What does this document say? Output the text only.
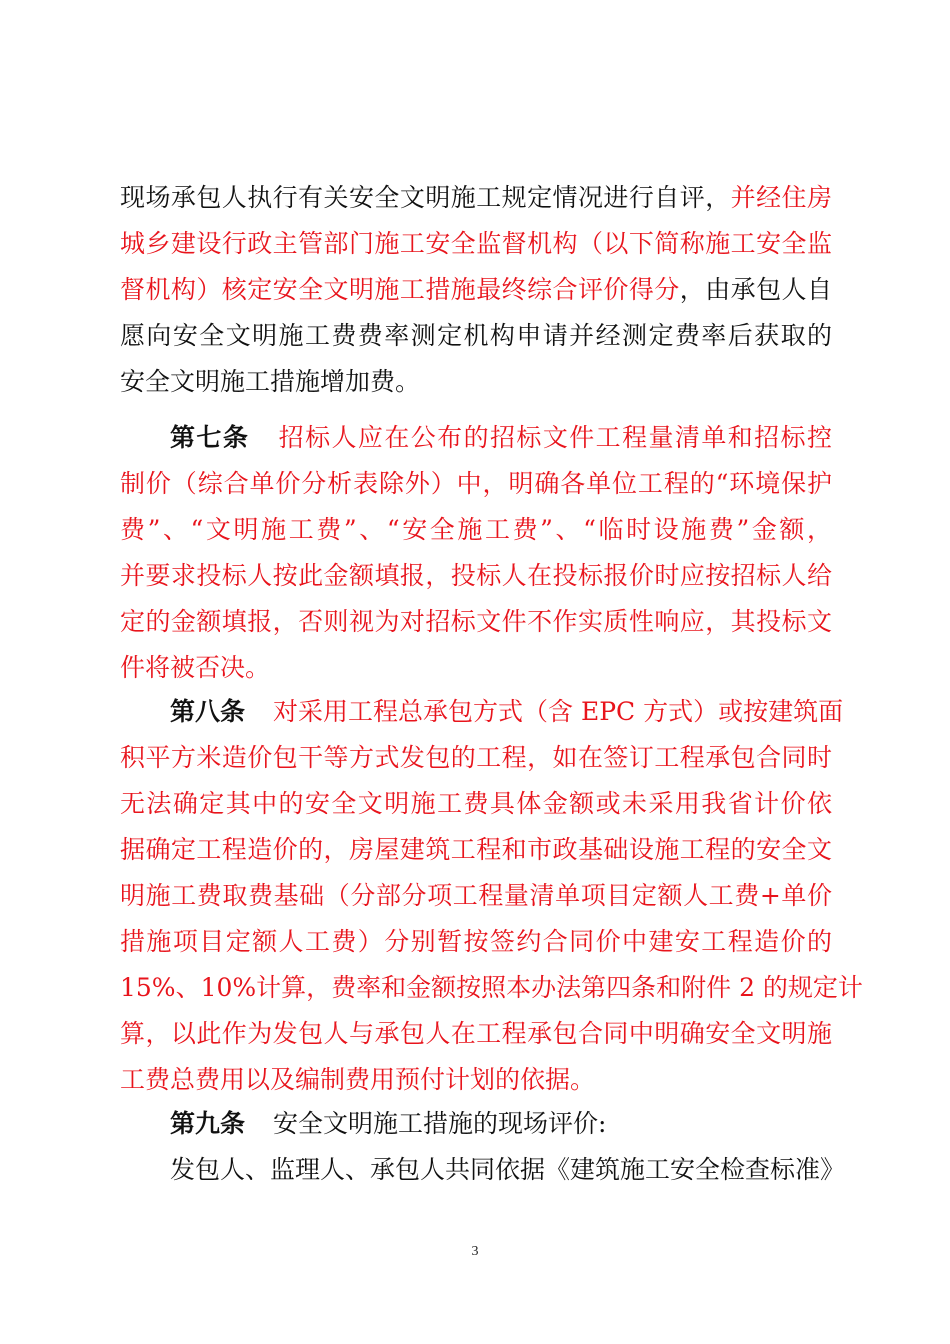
现场承包人执行有关安全文明施工规定情况进行自评，并经住房
城乡建设行政主管部门施工安全监督机构（以下简称施工安全监
督机构）核定安全文明施工措施最终综合评价得分，由承包人自
愿向安全文明施工费费率测定机构申请并经测定费率后获取的
安全文明施工措施增加费。
第七条 招标人应在公布的招标文件工程量清单和招标控
制价（综合单价分析表除外）中，明确各单位工程的“环境保护
费”、“文明施工费”、“安全施工费”、“临时设施费”金额，
并要求投标人按此金额填报，投标人在投标报价时应按招标人给
定的金额填报，否则视为对招标文件不作实质性响应，其投标文
件将被否决。
第八条 对采用工程总承包方式（含 EPC 方式）或按建筑面
积平方米造价包干等方式发包的工程，如在签订工程承包合同时
无法确定其中的安全文明施工费具体金额或未采用我省计价依
据确定工程造价的，房屋建筑工程和市政基础设施工程的安全文
明施工费取费基础（分部分项工程量清单项目定额人工费+单价
措施项目定额人工费）分别暂按签约合同价中建安工程造价的
15%、10%计算，费率和金额按照本办法第四条和附件 2 的规定计
算，以此作为发包人与承包人在工程承包合同中明确安全文明施
工费总费用以及编制费用预付计划的依据。
第九条 安全文明施工措施的现场评价:
发包人、监理人、承包人共同依据《建筑施工安全检查标准》
3
